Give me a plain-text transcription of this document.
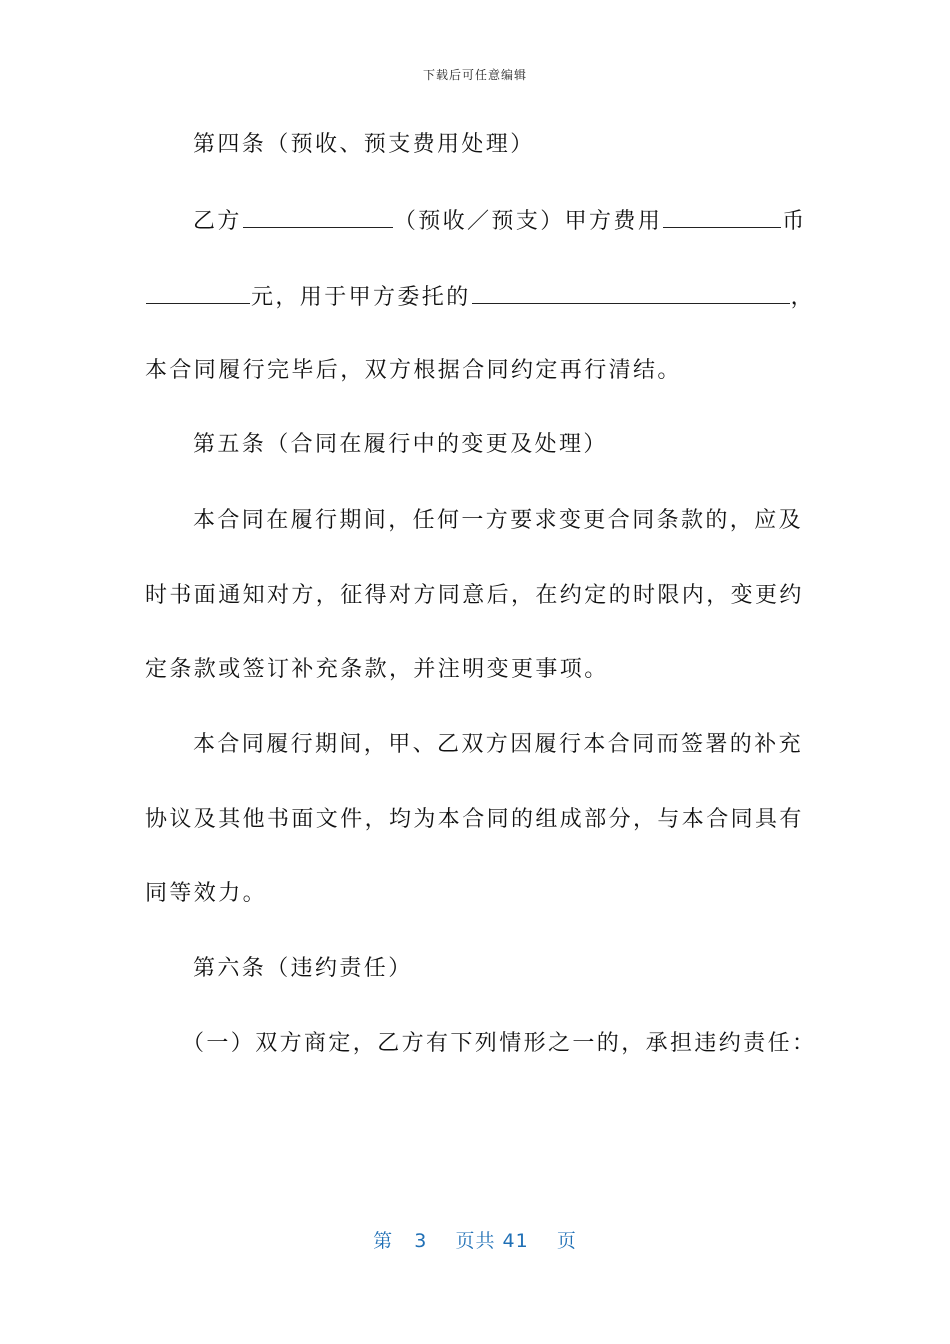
下载后可任意编辑
第四条（预收、预支费用处理）
乙方	（预收／预支）甲方费用	币
元，用于甲方委托的	，
本合同履行完毕后，双方根据合同约定再行清结。
第五条（合同在履行中的变更及处理）
本合同在履行期间，任何一方要求变更合同条款的，应及
时书面通知对方，征得对方同意后，在约定的时限内，变更约
定条款或签订补充条款，并注明变更事项。
本合同履行期间，甲、乙双方因履行本合同而签署的补充
协议及其他书面文件，均为本合同的组成部分，与本合同具有
同等效力。
第六条（违约责任）
（一）双方商定，乙方有下列情形之一的，承担违约责任：
第 3 页共 41 页
